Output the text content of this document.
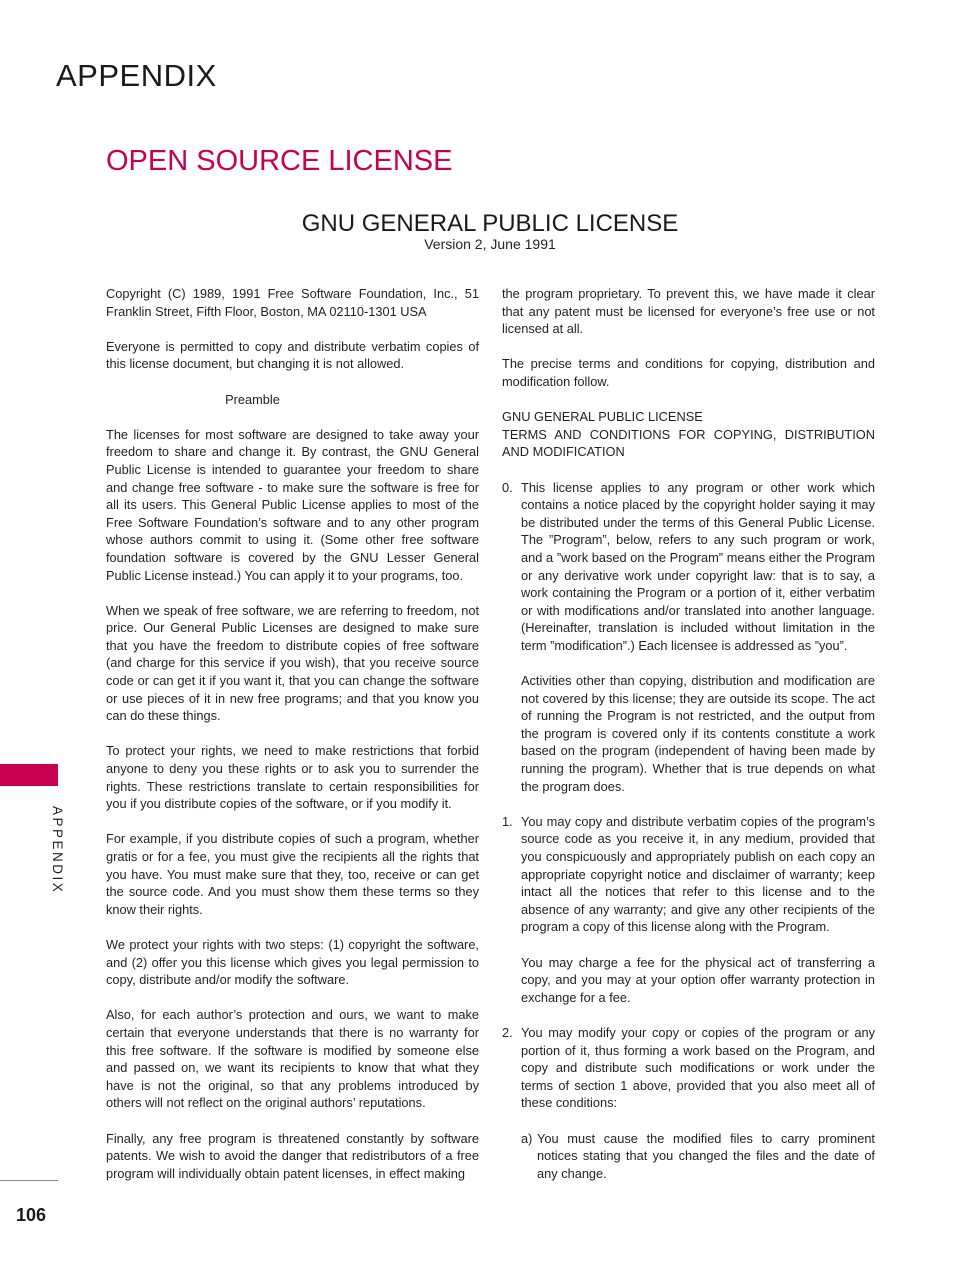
APPENDIX
OPEN SOURCE LICENSE
GNU GENERAL PUBLIC LICENSE
Version 2, June 1991
APPENDIX
106

Copyright (C) 1989, 1991 Free Software Foundation, Inc., 51 Franklin Street, Fifth Floor, Boston, MA 02110-1301 USA

Everyone is permitted to copy and distribute verbatim copies of this license document, but changing it is not allowed.

Preamble

The licenses for most software are designed to take away your freedom to share and change it. By contrast, the GNU General Public License is intended to guarantee your freedom to share and change free software - to make sure the software is free for all its users. This General Public License applies to most of the Free Software Foundation’s software and to any other program whose authors commit to using it. (Some other free software foundation software is covered by the GNU Lesser General Public License instead.) You can apply it to your programs, too.

When we speak of free software, we are referring to freedom, not price. Our General Public Licenses are designed to make sure that you have the freedom to distribute copies of free software (and charge for this service if you wish), that you receive source code or can get it if you want it, that you can change the software or use pieces of it in new free programs; and that you know you can do these things.

To protect your rights, we need to make restrictions that forbid anyone to deny you these rights or to ask you to surrender the rights. These restrictions translate to certain responsibilities for you if you distribute copies of the software, or if you modify it.

For example, if you distribute copies of such a program, whether gratis or for a fee, you must give the recipients all the rights that you have. You must make sure that they, too, receive or can get the source code. And you must show them these terms so they know their rights.

We protect your rights with two steps: (1) copyright the software, and (2) offer you this license which gives you legal permission to copy, distribute and/or modify the software.

Also, for each author’s protection and ours, we want to make certain that everyone understands that there is no warranty for this free software. If the software is modified by someone else and passed on, we want its recipients to know that what they have is not the original, so that any problems introduced by others will not reflect on the original authors’ reputations.

Finally, any free program is threatened constantly by software patents. We wish to avoid the danger that redistributors of a free program will individually obtain patent licenses, in effect making

the program proprietary. To prevent this, we have made it clear that any patent must be licensed for everyone’s free use or not licensed at all.

The precise terms and conditions for copying, distribution and modification follow.

GNU GENERAL PUBLIC LICENSE

TERMS AND CONDITIONS FOR COPYING, DISTRIBUTION AND MODIFICATION

0. This license applies to any program or other work which contains a notice placed by the copyright holder saying it may be distributed under the terms of this General Public License. The ”Program”, below, refers to any such program or work, and a ”work based on the Program” means either the Program or any derivative work under copyright law: that is to say, a work containing the Program or a portion of it, either verbatim or with modifications and/or translated into another language. (Hereinafter, translation is included without limitation in the term ”modification”.) Each licensee is addressed as ”you”.

Activities other than copying, distribution and modification are not covered by this license; they are outside its scope. The act of running the Program is not restricted, and the output from the program is covered only if its contents constitute a work based on the program (independent of having been made by running the program). Whether that is true depends on what the program does.

1. You may copy and distribute verbatim copies of the program’s source code as you receive it, in any medium, provided that you conspicuously and appropriately publish on each copy an appropriate copyright notice and disclaimer of warranty; keep intact all the notices that refer to this license and to the absence of any warranty; and give any other recipients of the program a copy of this license along with the Program.

You may charge a fee for the physical act of transferring a copy, and you may at your option offer warranty protection in exchange for a fee.

2. You may modify your copy or copies of the program or any portion of it, thus forming a work based on the Program, and copy and distribute such modifications or work under the terms of section 1 above, provided that you also meet all of these conditions:

a) You must cause the modified files to carry prominent notices stating that you changed the files and the date of any change.
